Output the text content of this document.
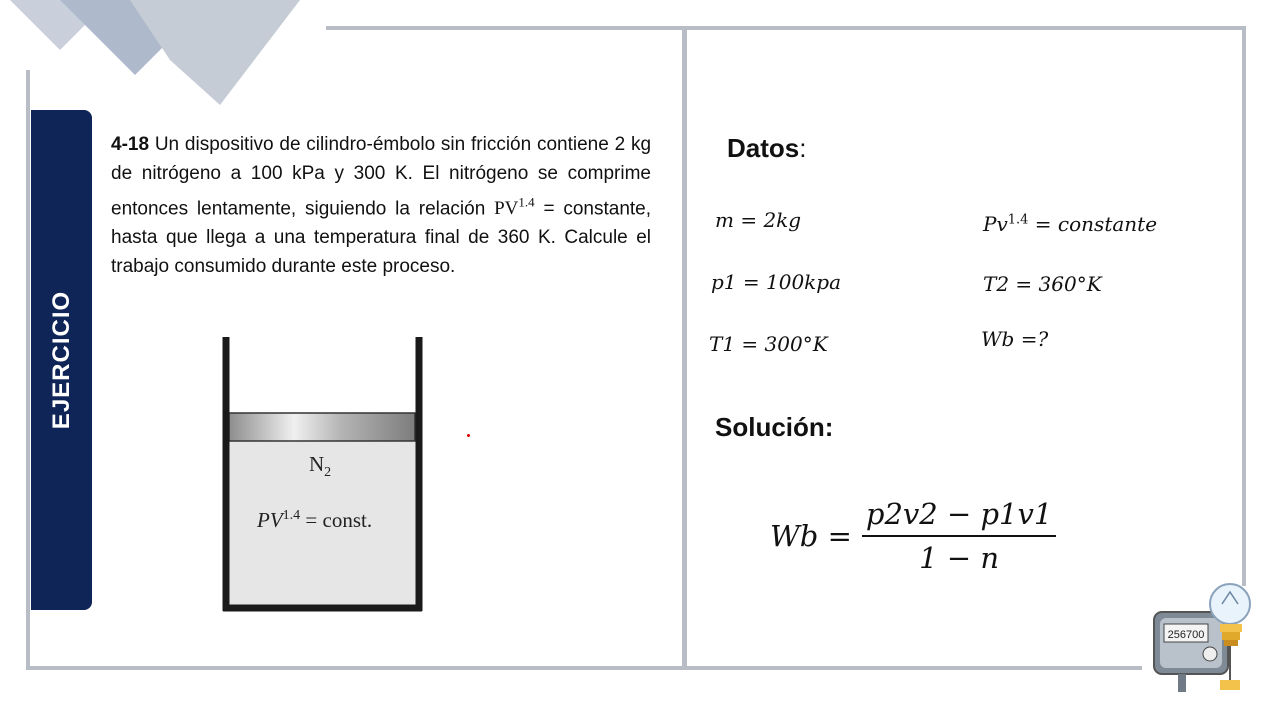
EJERCICIO
4-18 Un dispositivo de cilindro-émbolo sin fricción contiene 2 kg de nitrógeno a 100 kPa y 300 K. El nitrógeno se comprime entonces lentamente, siguiendo la relación $PV^{1.4}$ = constante, hasta que llega a una temperatura final de 360 K. Calcule el trabajo consumido durante este proceso.
$N_2$
$PV^{1.4}$ = const.
Datos:
m = 2kg
p1 = 100kpa
T1 = 300°K
$Pv^{1.4}$ = constante
T2 = 360°K
Wb =?
Solución:
$Wb = \frac{p2v2 - p1v1}{1 - n}$
256700
